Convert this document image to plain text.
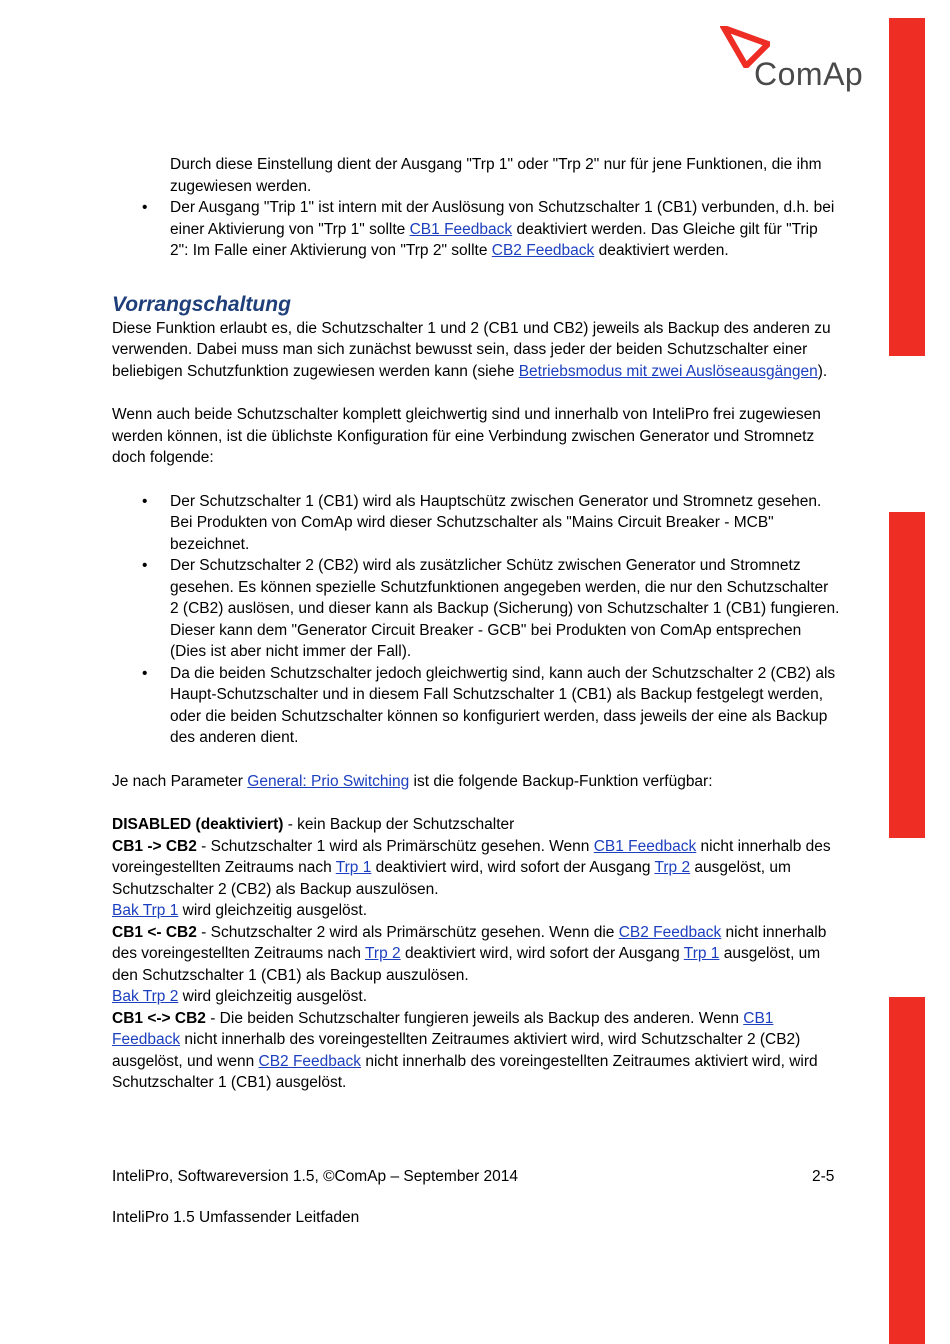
ComAp

Durch diese Einstellung dient der Ausgang "Trp 1" oder "Trp 2" nur für jene Funktionen, die ihm zugewiesen werden.

• Der Ausgang "Trip 1" ist intern mit der Auslösung von Schutzschalter 1 (CB1) verbunden, d.h. bei einer Aktivierung von "Trp 1" sollte CB1 Feedback deaktiviert werden. Das Gleiche gilt für "Trip 2": Im Falle einer Aktivierung von "Trp 2" sollte CB2 Feedback deaktiviert werden.

Vorrangschaltung

Diese Funktion erlaubt es, die Schutzschalter 1 und 2 (CB1 und CB2) jeweils als Backup des anderen zu verwenden. Dabei muss man sich zunächst bewusst sein, dass jeder der beiden Schutzschalter einer beliebigen Schutzfunktion zugewiesen werden kann (siehe Betriebsmodus mit zwei Auslöseausgängen).

Wenn auch beide Schutzschalter komplett gleichwertig sind und innerhalb von InteliPro frei zugewiesen werden können, ist die üblichste Konfiguration für eine Verbindung zwischen Generator und Stromnetz doch folgende:

• Der Schutzschalter 1 (CB1) wird als Hauptschütz zwischen Generator und Stromnetz gesehen. Bei Produkten von ComAp wird dieser Schutzschalter als "Mains Circuit Breaker - MCB" bezeichnet.

• Der Schutzschalter 2 (CB2) wird als zusätzlicher Schütz zwischen Generator und Stromnetz gesehen. Es können spezielle Schutzfunktionen angegeben werden, die nur den Schutzschalter 2 (CB2) auslösen, und dieser kann als Backup (Sicherung) von Schutzschalter 1 (CB1) fungieren. Dieser kann dem "Generator Circuit Breaker - GCB" bei Produkten von ComAp entsprechen (Dies ist aber nicht immer der Fall).

• Da die beiden Schutzschalter jedoch gleichwertig sind, kann auch der Schutzschalter 2 (CB2) als Haupt-Schutzschalter und in diesem Fall Schutzschalter 1 (CB1) als Backup festgelegt werden, oder die beiden Schutzschalter können so konfiguriert werden, dass jeweils der eine als Backup des anderen dient.

Je nach Parameter General: Prio Switching ist die folgende Backup-Funktion verfügbar:

DISABLED (deaktiviert) - kein Backup der Schutzschalter

CB1 -> CB2 - Schutzschalter 1 wird als Primärschütz gesehen. Wenn CB1 Feedback nicht innerhalb des voreingestellten Zeitraums nach Trp 1 deaktiviert wird, wird sofort der Ausgang Trp 2 ausgelöst, um Schutzschalter 2 (CB2) als Backup auszulösen.

Bak Trp 1 wird gleichzeitig ausgelöst.

CB1 <- CB2 - Schutzschalter 2 wird als Primärschütz gesehen. Wenn die CB2 Feedback nicht innerhalb des voreingestellten Zeitraums nach Trp 2 deaktiviert wird, wird sofort der Ausgang Trp 1 ausgelöst, um den Schutzschalter 1 (CB1) als Backup auszulösen.

Bak Trp 2 wird gleichzeitig ausgelöst.

CB1 <-> CB2 - Die beiden Schutzschalter fungieren jeweils als Backup des anderen. Wenn CB1 Feedback nicht innerhalb des voreingestellten Zeitraumes aktiviert wird, wird Schutzschalter 2 (CB2) ausgelöst, und wenn CB2 Feedback nicht innerhalb des voreingestellten Zeitraumes aktiviert wird, wird Schutzschalter 1 (CB1) ausgelöst.

InteliPro, Softwareversion 1.5, ©ComAp – September 2014	2-5
InteliPro 1.5 Umfassender Leitfaden
